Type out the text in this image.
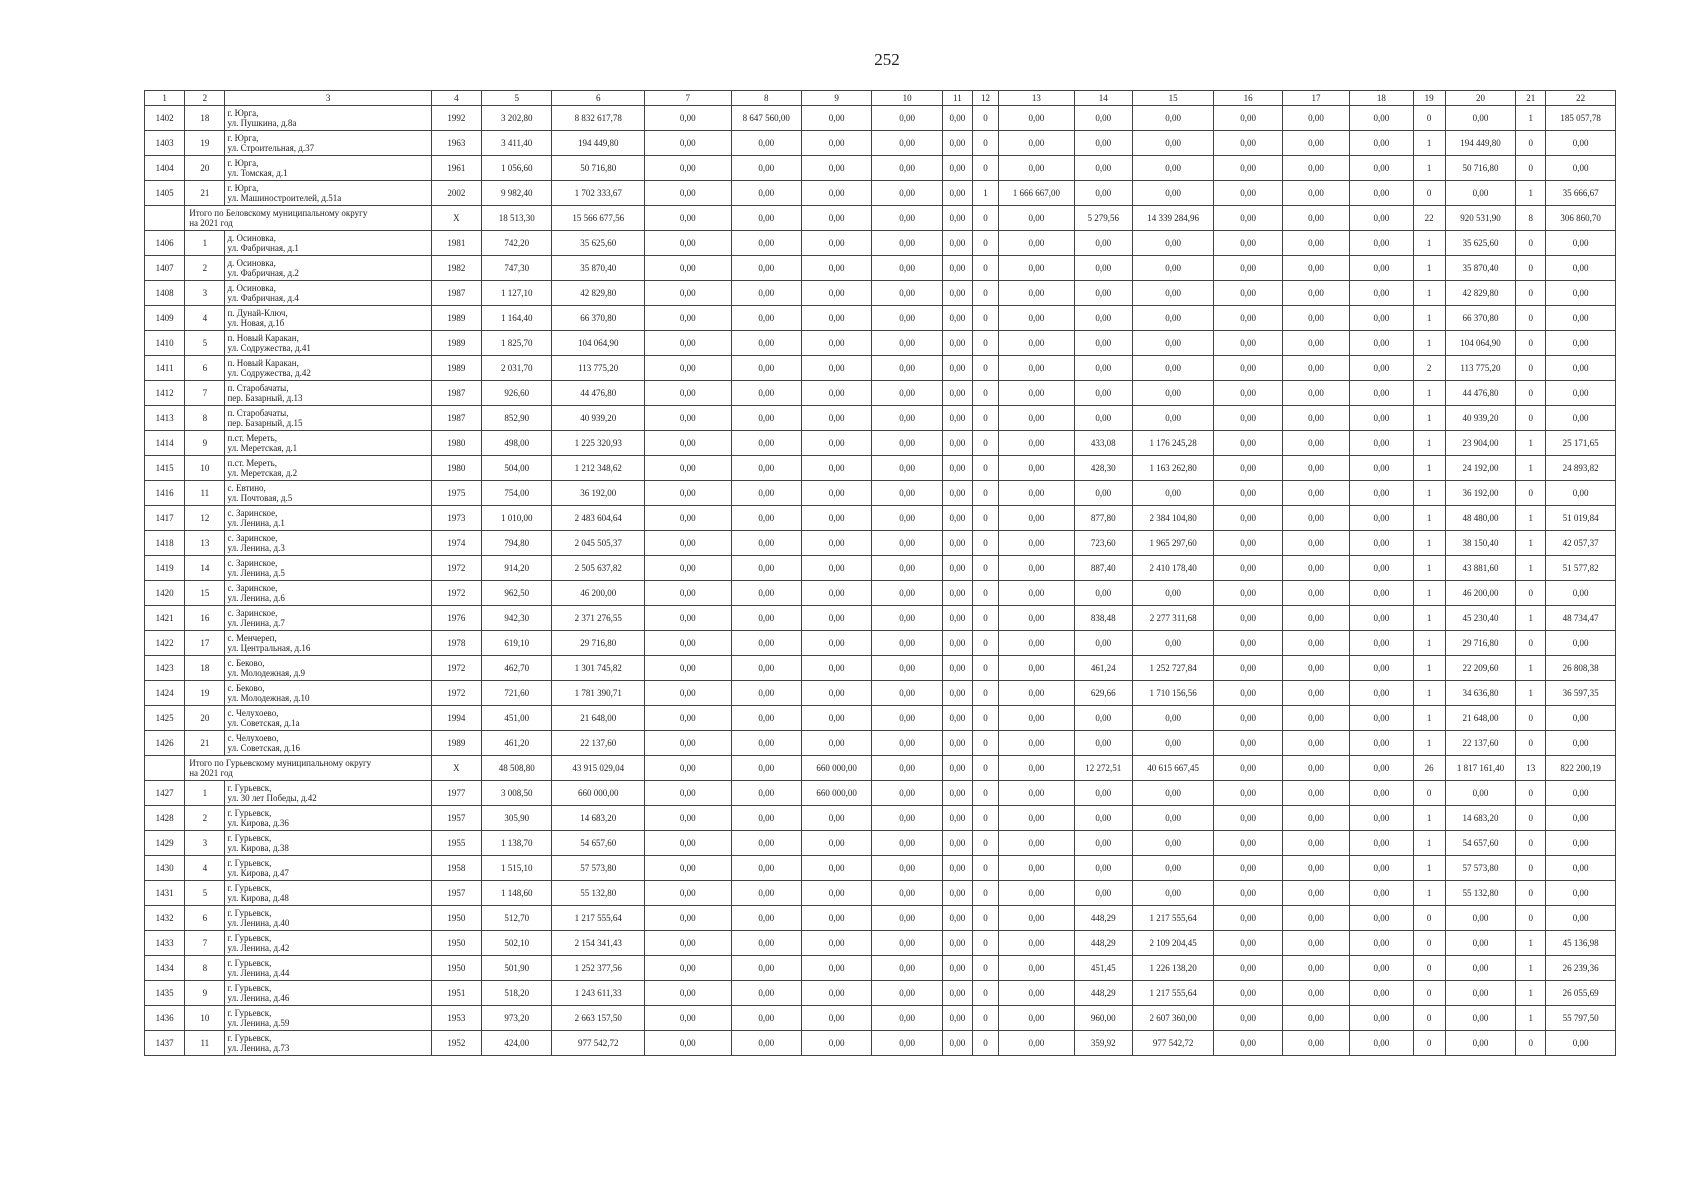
252
1	2	3	4	5	6	7	8	9	10	11	12	13	14	15	16	17	18	19	20	21	22
1402	18	г. Юрга,
ул. Пушкина, д.8а	1992	3 202,80	8 832 617,78	0,00	8 647 560,00	0,00	0,00	0,00	0	0,00	0,00	0,00	0,00	0,00	0,00	0	0,00	1	185 057,78
1403	19	г. Юрга,
ул. Строительная, д.37	1963	3 411,40	194 449,80	0,00	0,00	0,00	0,00	0,00	0	0,00	0,00	0,00	0,00	0,00	0,00	1	194 449,80	0	0,00
1404	20	г. Юрга,
ул. Томская, д.1	1961	1 056,60	50 716,80	0,00	0,00	0,00	0,00	0,00	0	0,00	0,00	0,00	0,00	0,00	0,00	1	50 716,80	0	0,00
1405	21	г. Юрга,
ул. Машиностроителей, д.51а	2002	9 982,40	1 702 333,67	0,00	0,00	0,00	0,00	0,00	1	1 666 667,00	0,00	0,00	0,00	0,00	0,00	0	0,00	1	35 666,67

	Итого по Беловскому муниципальному округу
на 2021 год		X	18 513,30	15 566 677,56	0,00	0,00	0,00	0,00	0,00	0	0,00	5 279,56	14 339 284,96	0,00	0,00	0,00	22	920 531,90	8	306 860,70
1406	1	д. Осиновка,
ул. Фабричная, д.1	1981	742,20	35 625,60	0,00	0,00	0,00	0,00	0,00	0	0,00	0,00	0,00	0,00	0,00	0,00	1	35 625,60	0	0,00
1407	2	д. Осиновка,
ул. Фабричная, д.2	1982	747,30	35 870,40	0,00	0,00	0,00	0,00	0,00	0	0,00	0,00	0,00	0,00	0,00	0,00	1	35 870,40	0	0,00
1408	3	д. Осиновка,
ул. Фабричная, д.4	1987	1 127,10	42 829,80	0,00	0,00	0,00	0,00	0,00	0	0,00	0,00	0,00	0,00	0,00	0,00	1	42 829,80	0	0,00
1409	4	п. Дунай-Ключ,
ул. Новая, д.1б	1989	1 164,40	66 370,80	0,00	0,00	0,00	0,00	0,00	0	0,00	0,00	0,00	0,00	0,00	0,00	1	66 370,80	0	0,00
1410	5	п. Новый Каракан,
ул. Содружества, д.41	1989	1 825,70	104 064,90	0,00	0,00	0,00	0,00	0,00	0	0,00	0,00	0,00	0,00	0,00	0,00	1	104 064,90	0	0,00
1411	6	п. Новый Каракан,
ул. Содружества, д.42	1989	2 031,70	113 775,20	0,00	0,00	0,00	0,00	0,00	0	0,00	0,00	0,00	0,00	0,00	0,00	2	113 775,20	0	0,00
1412	7	п. Старобачаты,
пер. Базарный, д.13	1987	926,60	44 476,80	0,00	0,00	0,00	0,00	0,00	0	0,00	0,00	0,00	0,00	0,00	0,00	1	44 476,80	0	0,00
1413	8	п. Старобачаты,
пер. Базарный, д.15	1987	852,90	40 939,20	0,00	0,00	0,00	0,00	0,00	0	0,00	0,00	0,00	0,00	0,00	0,00	1	40 939,20	0	0,00
1414	9	п.ст. Мереть,
ул. Меретская, д.1	1980	498,00	1 225 320,93	0,00	0,00	0,00	0,00	0,00	0	0,00	433,08	1 176 245,28	0,00	0,00	0,00	1	23 904,00	1	25 171,65
1415	10	п.ст. Мереть,
ул. Меретская, д.2	1980	504,00	1 212 348,62	0,00	0,00	0,00	0,00	0,00	0	0,00	428,30	1 163 262,80	0,00	0,00	0,00	1	24 192,00	1	24 893,82
1416	11	с. Евтино,
ул. Почтовая, д.5	1975	754,00	36 192,00	0,00	0,00	0,00	0,00	0,00	0	0,00	0,00	0,00	0,00	0,00	0,00	1	36 192,00	0	0,00
1417	12	с. Заринское,
ул. Ленина, д.1	1973	1 010,00	2 483 604,64	0,00	0,00	0,00	0,00	0,00	0	0,00	877,80	2 384 104,80	0,00	0,00	0,00	1	48 480,00	1	51 019,84
1418	13	с. Заринское,
ул. Ленина, д.3	1974	794,80	2 045 505,37	0,00	0,00	0,00	0,00	0,00	0	0,00	723,60	1 965 297,60	0,00	0,00	0,00	1	38 150,40	1	42 057,37
1419	14	с. Заринское,
ул. Ленина, д.5	1972	914,20	2 505 637,82	0,00	0,00	0,00	0,00	0,00	0	0,00	887,40	2 410 178,40	0,00	0,00	0,00	1	43 881,60	1	51 577,82
1420	15	с. Заринское,
ул. Ленина, д.6	1972	962,50	46 200,00	0,00	0,00	0,00	0,00	0,00	0	0,00	0,00	0,00	0,00	0,00	0,00	1	46 200,00	0	0,00
1421	16	с. Заринское,
ул. Ленина, д.7	1976	942,30	2 371 276,55	0,00	0,00	0,00	0,00	0,00	0	0,00	838,48	2 277 311,68	0,00	0,00	0,00	1	45 230,40	1	48 734,47
1422	17	с. Менчереп,
ул. Центральная, д.16	1978	619,10	29 716,80	0,00	0,00	0,00	0,00	0,00	0	0,00	0,00	0,00	0,00	0,00	0,00	1	29 716,80	0	0,00
1423	18	с. Беково,
ул. Молодежная, д.9	1972	462,70	1 301 745,82	0,00	0,00	0,00	0,00	0,00	0	0,00	461,24	1 252 727,84	0,00	0,00	0,00	1	22 209,60	1	26 808,38
1424	19	с. Беково,
ул. Молодежная, д.10	1972	721,60	1 781 390,71	0,00	0,00	0,00	0,00	0,00	0	0,00	629,66	1 710 156,56	0,00	0,00	0,00	1	34 636,80	1	36 597,35
1425	20	с. Челухоево,
ул. Советская, д.1а	1994	451,00	21 648,00	0,00	0,00	0,00	0,00	0,00	0	0,00	0,00	0,00	0,00	0,00	0,00	1	21 648,00	0	0,00
1426	21	с. Челухоево,
ул. Советская, д.16	1989	461,20	22 137,60	0,00	0,00	0,00	0,00	0,00	0	0,00	0,00	0,00	0,00	0,00	0,00	1	22 137,60	0	0,00

	Итого по Гурьевскому муниципальному округу
на 2021 год		X	48 508,80	43 915 029,04	0,00	0,00	660 000,00	0,00	0,00	0	0,00	12 272,51	40 615 667,45	0,00	0,00	0,00	26	1 817 161,40	13	822 200,19
1427	1	г. Гурьевск,
ул. 30 лет Победы, д.42	1977	3 008,50	660 000,00	0,00	0,00	660 000,00	0,00	0,00	0	0,00	0,00	0,00	0,00	0,00	0,00	0	0,00	0	0,00
1428	2	г. Гурьевск,
ул. Кирова, д.36	1957	305,90	14 683,20	0,00	0,00	0,00	0,00	0,00	0	0,00	0,00	0,00	0,00	0,00	0,00	1	14 683,20	0	0,00
1429	3	г. Гурьевск,
ул. Кирова, д.38	1955	1 138,70	54 657,60	0,00	0,00	0,00	0,00	0,00	0	0,00	0,00	0,00	0,00	0,00	0,00	1	54 657,60	0	0,00
1430	4	г. Гурьевск,
ул. Кирова, д.47	1958	1 515,10	57 573,80	0,00	0,00	0,00	0,00	0,00	0	0,00	0,00	0,00	0,00	0,00	0,00	1	57 573,80	0	0,00
1431	5	г. Гурьевск,
ул. Кирова, д.48	1957	1 148,60	55 132,80	0,00	0,00	0,00	0,00	0,00	0	0,00	0,00	0,00	0,00	0,00	0,00	1	55 132,80	0	0,00
1432	6	г. Гурьевск,
ул. Ленина, д.40	1950	512,70	1 217 555,64	0,00	0,00	0,00	0,00	0,00	0	0,00	448,29	1 217 555,64	0,00	0,00	0,00	0	0,00	0	0,00
1433	7	г. Гурьевск,
ул. Ленина, д.42	1950	502,10	2 154 341,43	0,00	0,00	0,00	0,00	0,00	0	0,00	448,29	2 109 204,45	0,00	0,00	0,00	0	0,00	1	45 136,98
1434	8	г. Гурьевск,
ул. Ленина, д.44	1950	501,90	1 252 377,56	0,00	0,00	0,00	0,00	0,00	0	0,00	451,45	1 226 138,20	0,00	0,00	0,00	0	0,00	1	26 239,36
1435	9	г. Гурьевск,
ул. Ленина, д.46	1951	518,20	1 243 611,33	0,00	0,00	0,00	0,00	0,00	0	0,00	448,29	1 217 555,64	0,00	0,00	0,00	0	0,00	1	26 055,69
1436	10	г. Гурьевск,
ул. Ленина, д.59	1953	973,20	2 663 157,50	0,00	0,00	0,00	0,00	0,00	0	0,00	960,00	2 607 360,00	0,00	0,00	0,00	0	0,00	1	55 797,50
1437	11	г. Гурьевск,
ул. Ленина, д.73	1952	424,00	977 542,72	0,00	0,00	0,00	0,00	0,00	0	0,00	359,92	977 542,72	0,00	0,00	0,00	0	0,00	0	0,00
